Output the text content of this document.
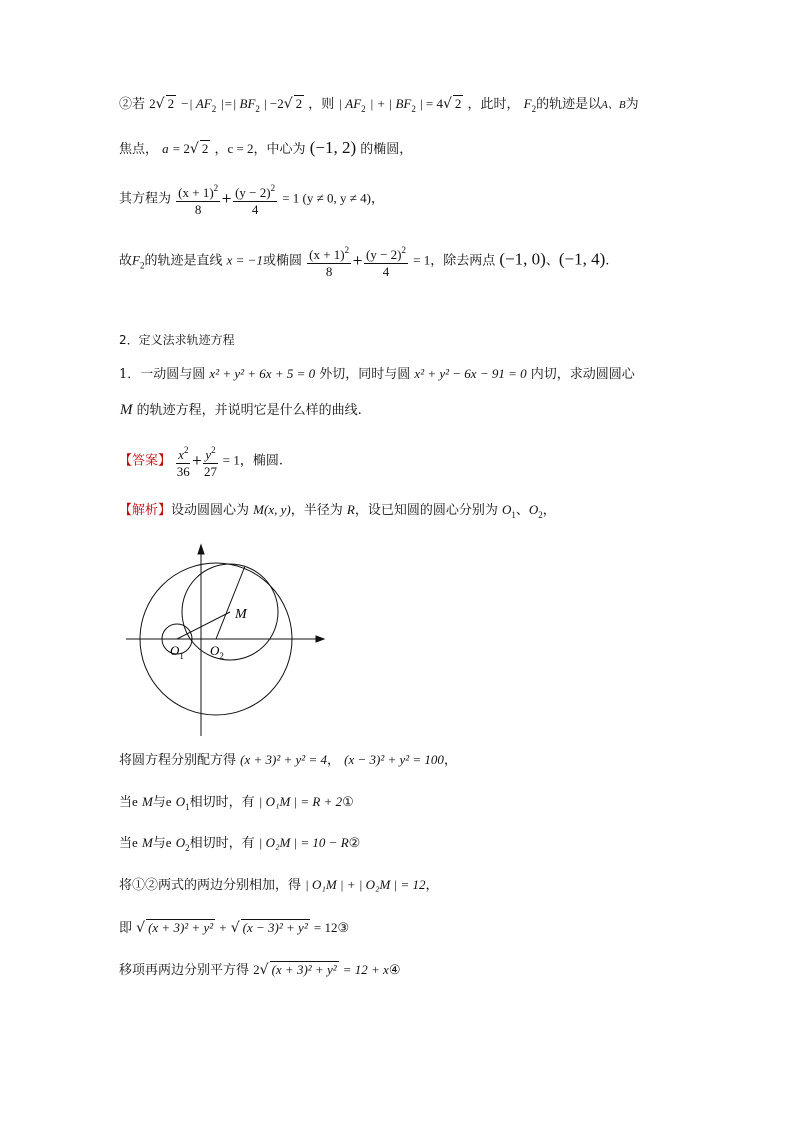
②若 2√ 2 −| $AF_2$ |=| $BF_2$ | −2√ 2 ，则 | $AF_2$ | + | $BF_2$ | = 4√ 2 ，此时， $F_2$的轨迹是以A、B为
焦点， a = 2√ 2 ，c = 2，中心为 (−1, 2) 的椭圆，
其方程为 $\frac{(x + 1)^2}{8} + \frac{(y - 2)^2}{4} = 1$ (y ≠ 0, y ≠ 4)，
故$F_2$的轨迹是直线 x = −1或椭圆 $\frac{(x + 1)^2}{8} + \frac{(y - 2)^2}{4} = 1$，除去两点 (−1, 0)、(−1, 4).
2．定义法求轨迹方程
1．一动圆与圆 x² + y² + 6x + 5 = 0 外切，同时与圆 x² + y² − 6x − 91 = 0 内切，求动圆圆心
M 的轨迹方程，并说明它是什么样的曲线.
【答案】 $\frac{x^2}{36} + \frac{y^2}{27} = 1$，椭圆.
【解析】设动圆圆心为 M(x, y)，半径为 R，设已知圆的圆心分别为 $O_1$、$O_2$，
M
$O_1$ $O_2$
将圆方程分别配方得 (x + 3)² + y² = 4， (x − 3)² + y² = 100，
当e M与e $O_1$相切时，有 | O₁M | = R + 2①
当e M与e $O_2$相切时，有 | O₂M | = 10 − R②
将①②两式的两边分别相加，得 | O₁M | + | O₂M | = 12，
即 √ (x + 3)² + y² + √ (x − 3)² + y² = 12③
移项再两边分别平方得 2√ (x + 3)² + y² = 12 + x④
